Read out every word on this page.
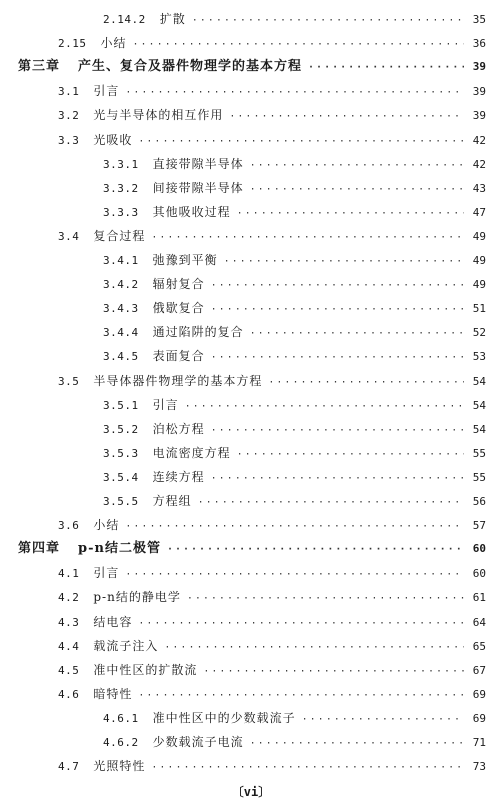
2.14.2 扩散 ·····	35
2.15 小结 ·····	36
第三章 产生、复合及器件物理学的基本方程 ·····	39
3.1 引言 ·····	39
3.2 光与半导体的相互作用 ·····	39
3.3 光吸收 ·····	42
3.3.1 直接带隙半导体 ·····	42
3.3.2 间接带隙半导体 ·····	43
3.3.3 其他吸收过程 ·····	47
3.4 复合过程 ·····	49
3.4.1 弛豫到平衡 ·····	49
3.4.2 辐射复合 ·····	49
3.4.3 俄歇复合 ·····	51
3.4.4 通过陷阱的复合 ·····	52
3.4.5 表面复合 ·····	53
3.5 半导体器件物理学的基本方程 ·····	54
3.5.1 引言 ·····	54
3.5.2 泊松方程 ·····	54
3.5.3 电流密度方程 ·····	55
3.5.4 连续方程 ·····	55
3.5.5 方程组 ·····	56
3.6 小结 ·····	57
第四章 p-n结二极管 ·····	60
4.1 引言 ·····	60
4.2 p-n结的静电学 ·····	61
4.3 结电容 ·····	64
4.4 载流子注入 ·····	65
4.5 准中性区的扩散流 ·····	67
4.6 暗特性 ·····	69
4.6.1 准中性区中的少数载流子 ·····	69
4.6.2 少数载流子电流 ·····	71
4.7 光照特性 ·····	73
〔vi〕
